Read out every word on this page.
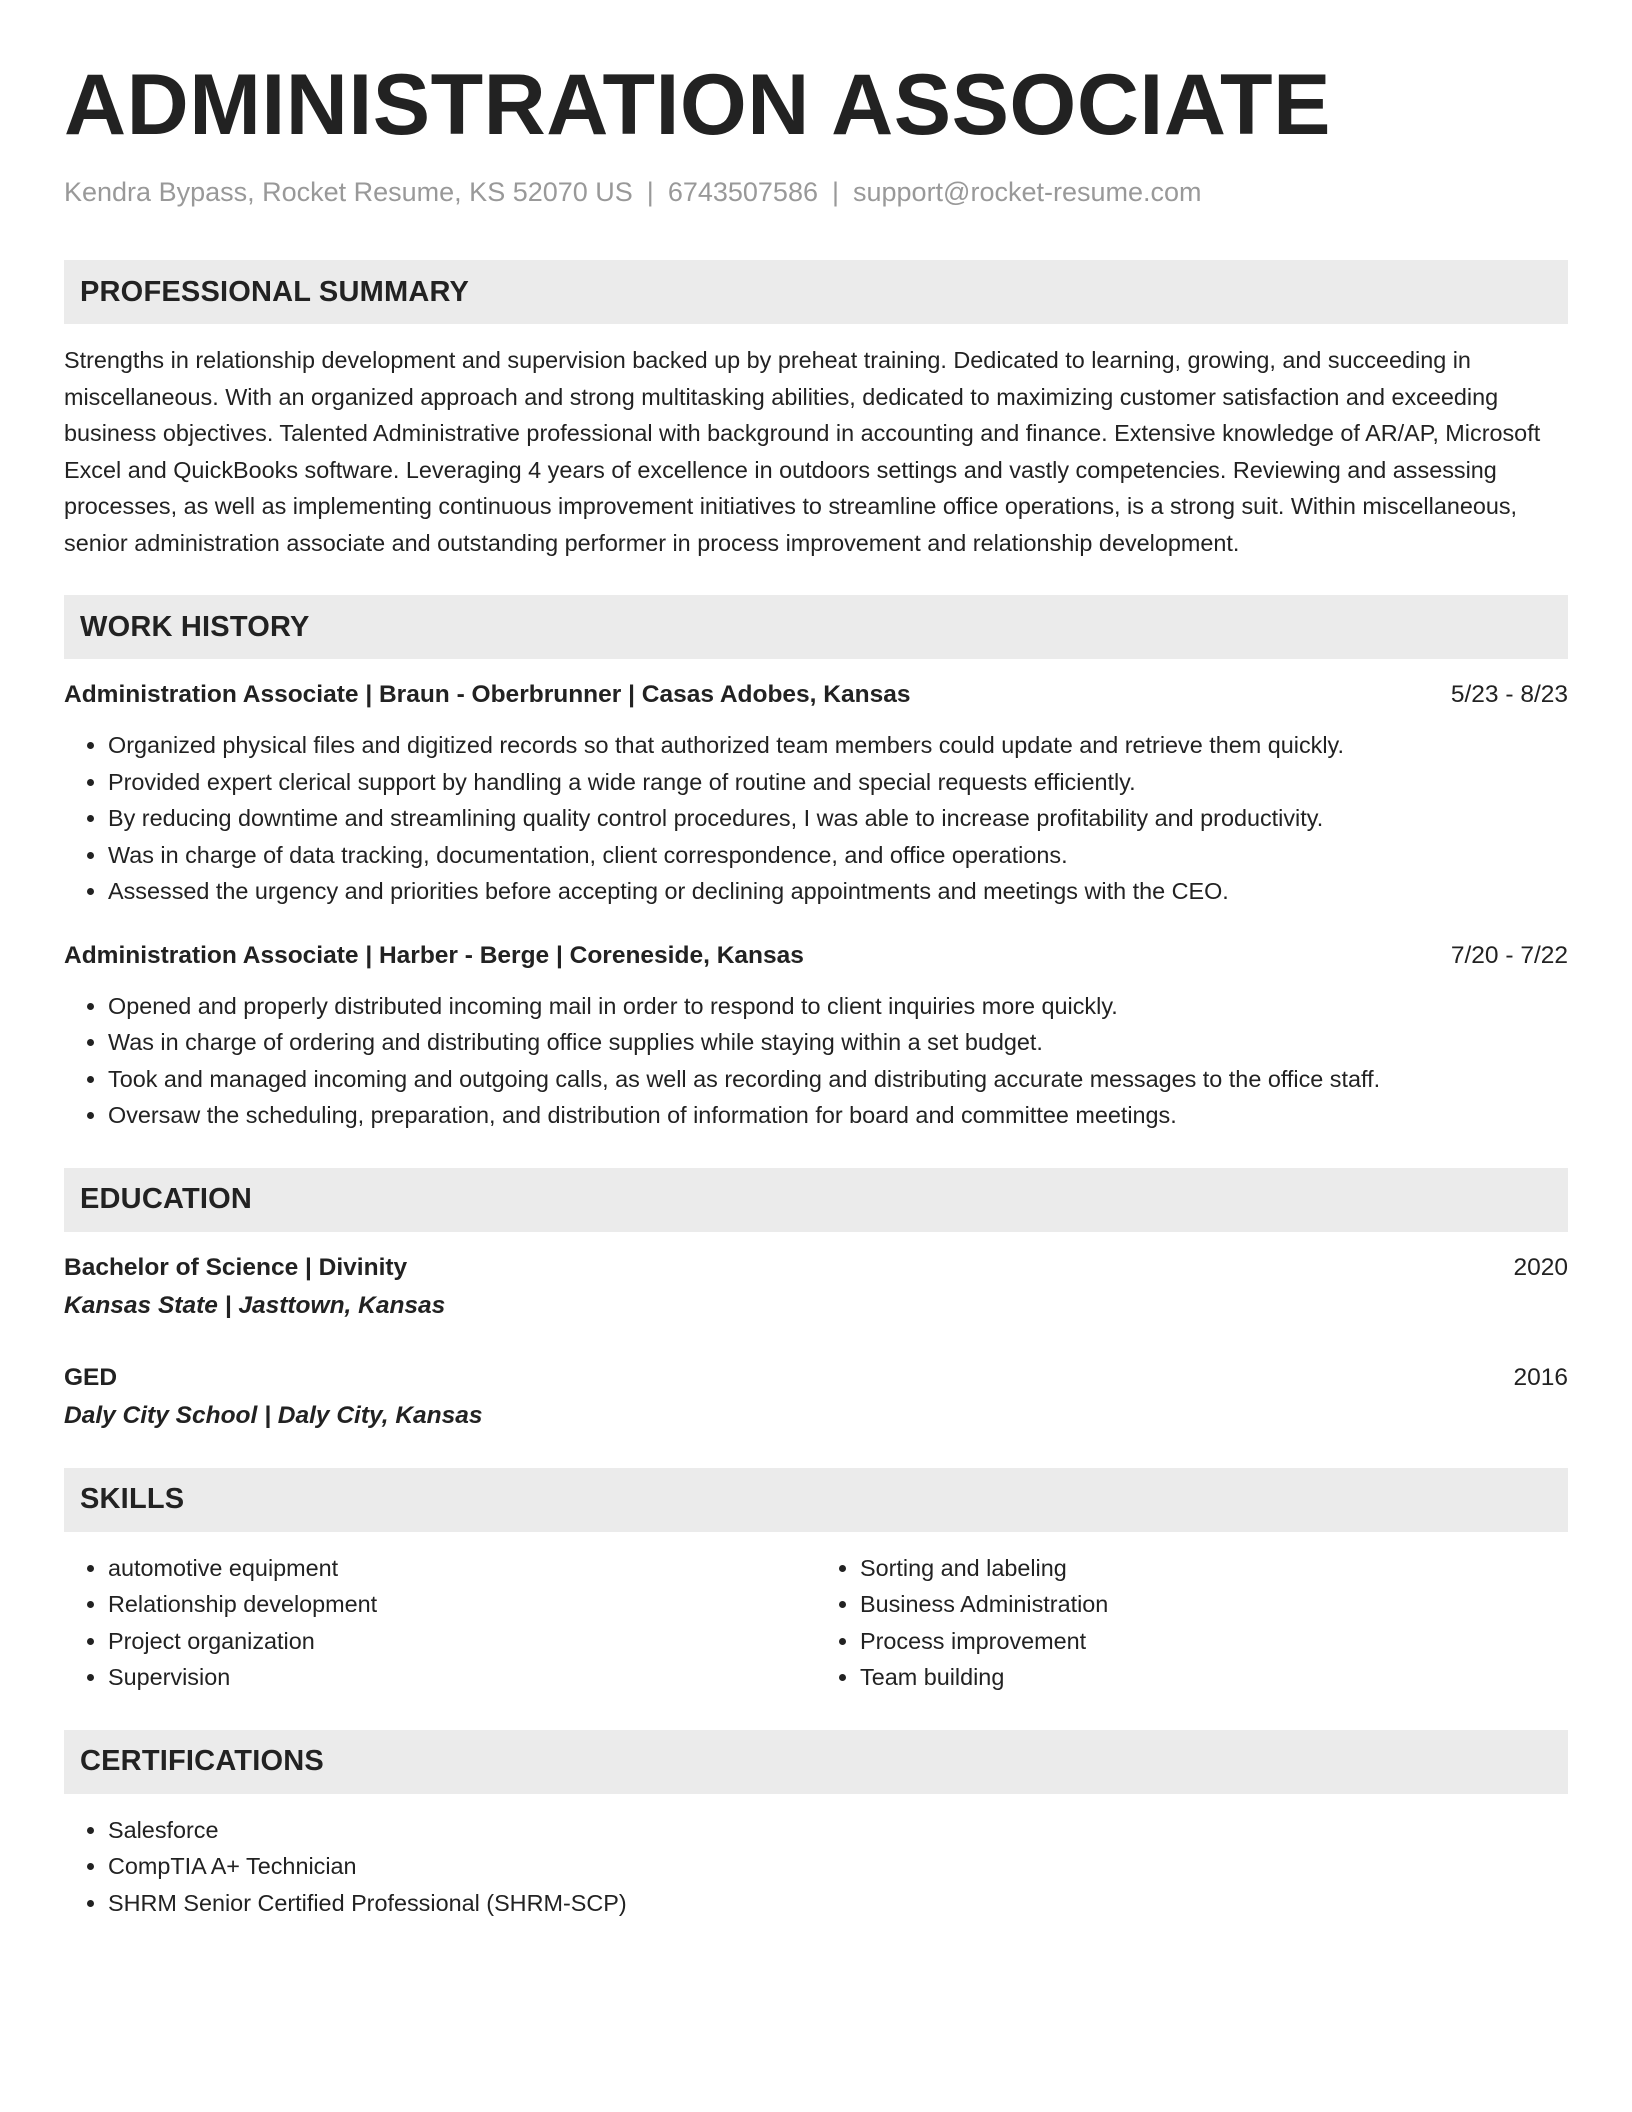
ADMINISTRATION ASSOCIATE
Kendra Bypass, Rocket Resume, KS 52070 US | 6743507586 | support@rocket-resume.com
PROFESSIONAL SUMMARY

Strengths in relationship development and supervision backed up by preheat training. Dedicated to learning, growing, and succeeding in miscellaneous. With an organized approach and strong multitasking abilities, dedicated to maximizing customer satisfaction and exceeding business objectives. Talented Administrative professional with background in accounting and finance. Extensive knowledge of AR/AP, Microsoft Excel and QuickBooks software. Leveraging 4 years of excellence in outdoors settings and vastly competencies. Reviewing and assessing processes, as well as implementing continuous improvement initiatives to streamline office operations, is a strong suit. Within miscellaneous, senior administration associate and outstanding performer in process improvement and relationship development.

WORK HISTORY
Administration Associate | Braun - Oberbrunner | Casas Adobes, Kansas	5/23 - 8/23
• Organized physical files and digitized records so that authorized team members could update and retrieve them quickly.
• Provided expert clerical support by handling a wide range of routine and special requests efficiently.
• By reducing downtime and streamlining quality control procedures, I was able to increase profitability and productivity.
• Was in charge of data tracking, documentation, client correspondence, and office operations.
• Assessed the urgency and priorities before accepting or declining appointments and meetings with the CEO.
Administration Associate | Harber - Berge | Coreneside, Kansas	7/20 - 7/22
• Opened and properly distributed incoming mail in order to respond to client inquiries more quickly.
• Was in charge of ordering and distributing office supplies while staying within a set budget.
• Took and managed incoming and outgoing calls, as well as recording and distributing accurate messages to the office staff.
• Oversaw the scheduling, preparation, and distribution of information for board and committee meetings.
EDUCATION
Bachelor of Science | Divinity	2020
Kansas State | Jasttown, Kansas
GED	2016
Daly City School | Daly City, Kansas
SKILLS
• automotive equipment
• Relationship development
• Project organization
• Supervision
• Sorting and labeling
• Business Administration
• Process improvement
• Team building
CERTIFICATIONS
• Salesforce
• CompTIA A+ Technician
• SHRM Senior Certified Professional (SHRM-SCP)
